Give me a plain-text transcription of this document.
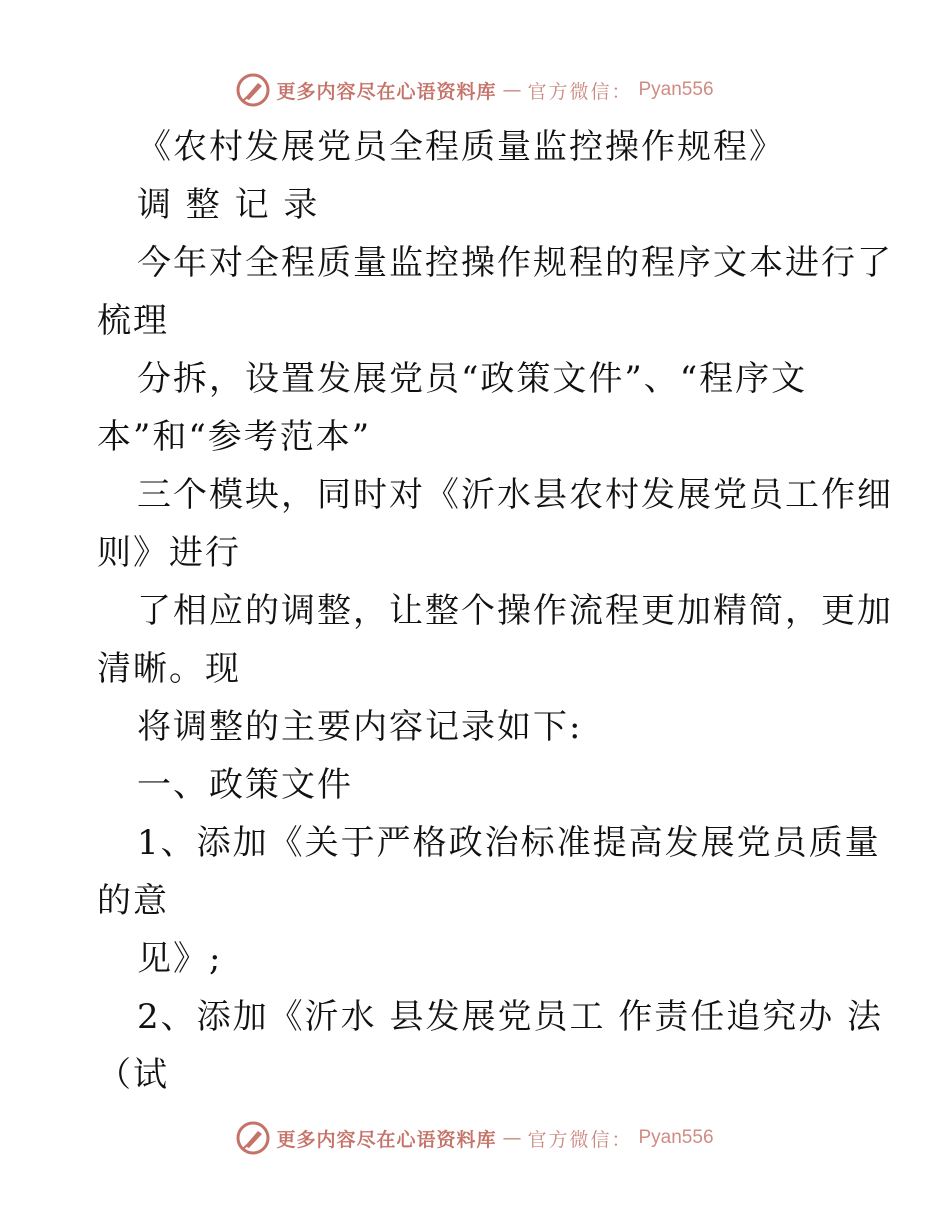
更多内容尽在心语资料库 — 官方微信： Pyan556
《农村发展党员全程质量监控操作规程》
调 整 记 录
今年对全程质量监控操作规程的程序文本进行了
梳理
分拆，设置发展党员“政策文件”、“程序文
本”和“参考范本”
三个模块，同时对《沂水县农村发展党员工作细
则》进行
了相应的调整，让整个操作流程更加精简，更加
清晰。现
将调整的主要内容记录如下:
一、政策文件
1、添加《关于严格政治标准提高发展党员质量
的意
见》;
2、添加《沂水 县发展党员工 作责任追究办 法
（试
更多内容尽在心语资料库 — 官方微信： Pyan556
